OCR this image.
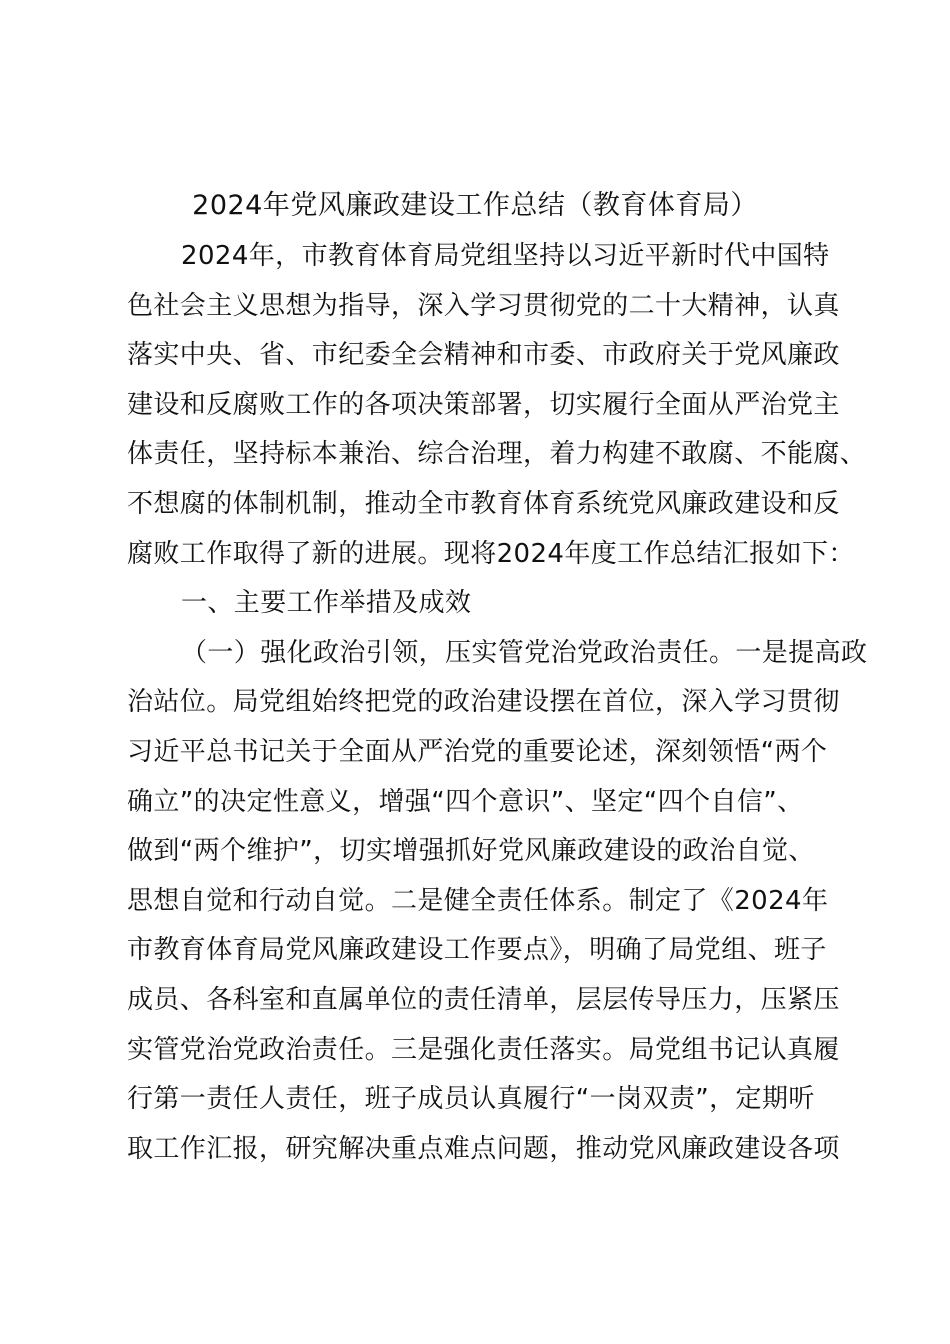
2024年党风廉政建设工作总结（教育体育局）
2024年，市教育体育局党组坚持以习近平新时代中国特
色社会主义思想为指导，深入学习贯彻党的二十大精神，认真
落实中央、省、市纪委全会精神和市委、市政府关于党风廉政
建设和反腐败工作的各项决策部署，切实履行全面从严治党主
体责任，坚持标本兼治、综合治理，着力构建不敢腐、不能腐、
不想腐的体制机制，推动全市教育体育系统党风廉政建设和反
腐败工作取得了新的进展。现将2024年度工作总结汇报如下：
一、主要工作举措及成效
（一）强化政治引领，压实管党治党政治责任。一是提高政
治站位。局党组始终把党的政治建设摆在首位，深入学习贯彻
习近平总书记关于全面从严治党的重要论述，深刻领悟“两个
确立”的决定性意义，增强“四个意识”、坚定“四个自信”、
做到“两个维护”，切实增强抓好党风廉政建设的政治自觉、
思想自觉和行动自觉。二是健全责任体系。制定了《2024年
市教育体育局党风廉政建设工作要点》，明确了局党组、班子
成员、各科室和直属单位的责任清单，层层传导压力，压紧压
实管党治党政治责任。三是强化责任落实。局党组书记认真履
行第一责任人责任，班子成员认真履行“一岗双责”，定期听
取工作汇报，研究解决重点难点问题，推动党风廉政建设各项
